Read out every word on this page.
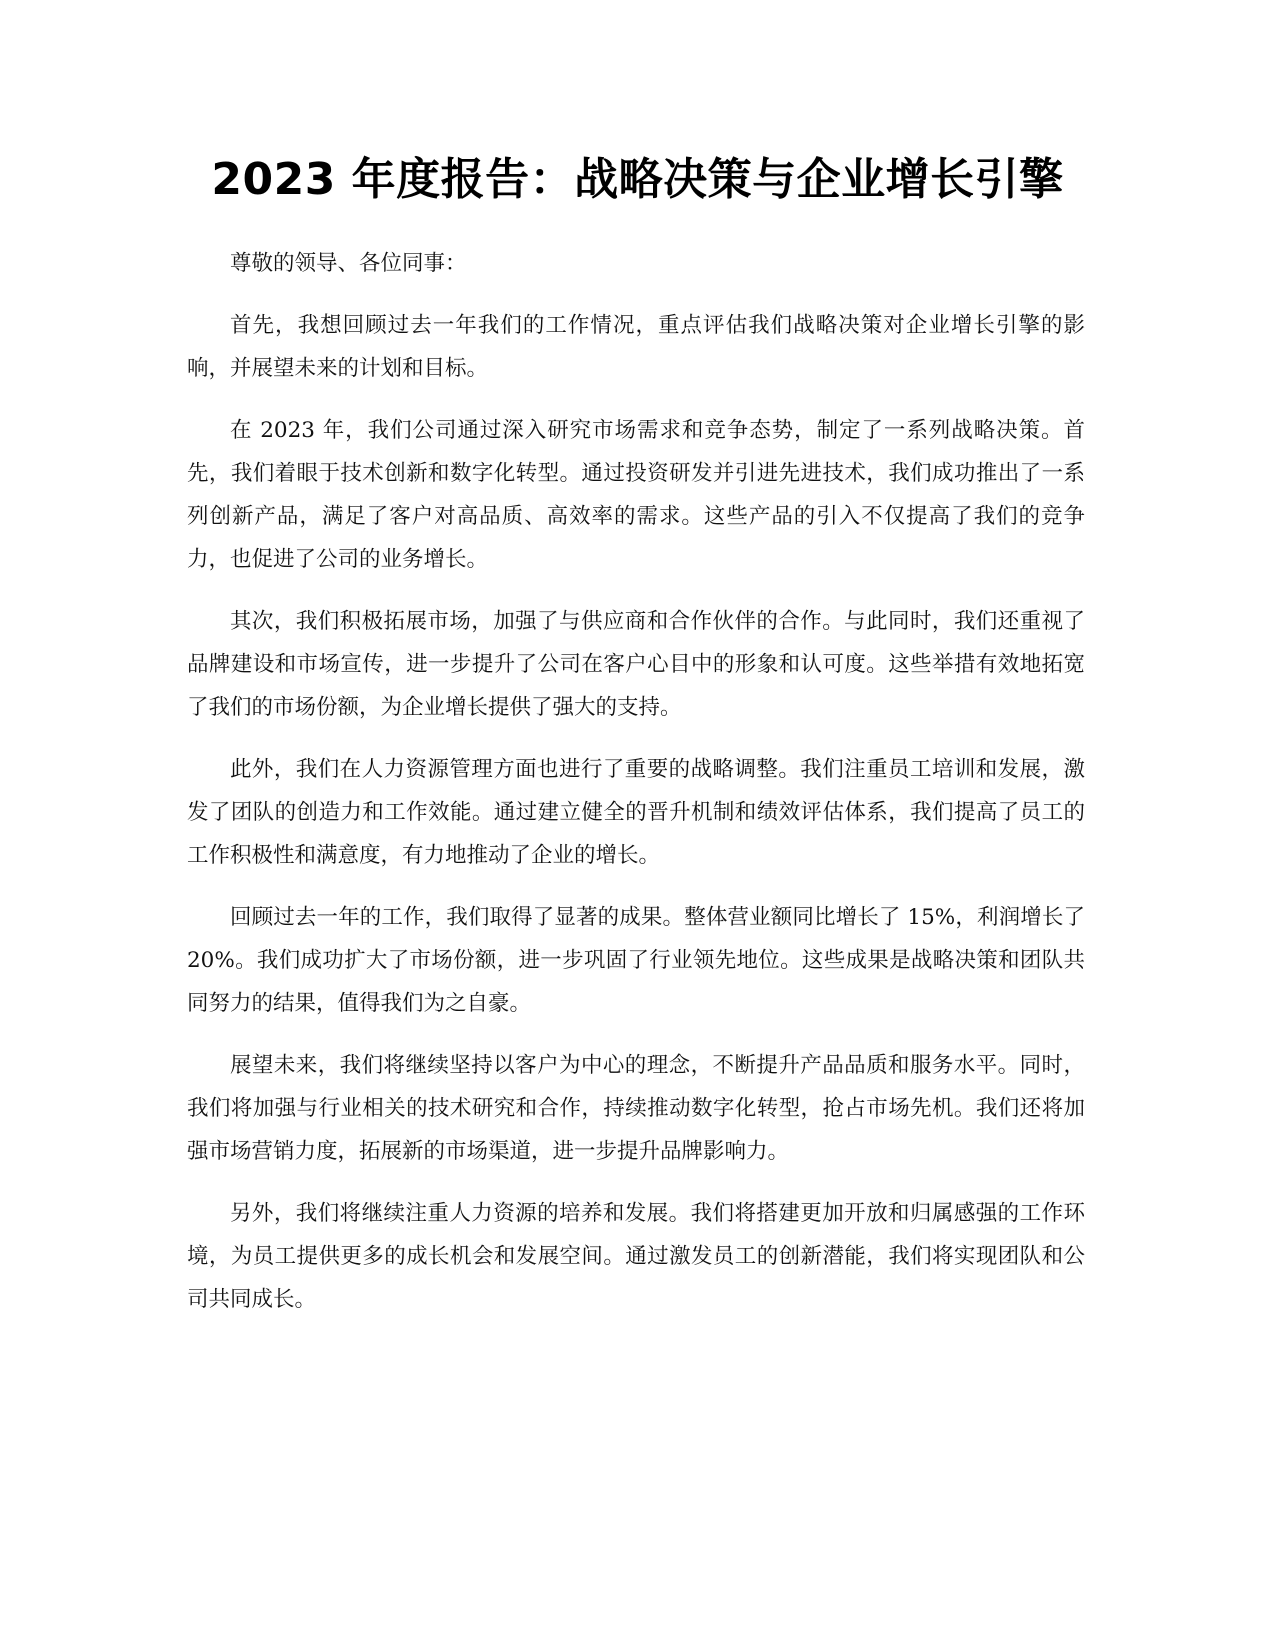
2023 年度报告：战略决策与企业增长引擎

尊敬的领导、各位同事：

首先，我想回顾过去一年我们的工作情况，重点评估我们战略决策对企业增长引擎的影响，并展望未来的计划和目标。

在 2023 年，我们公司通过深入研究市场需求和竞争态势，制定了一系列战略决策。首先，我们着眼于技术创新和数字化转型。通过投资研发并引进先进技术，我们成功推出了一系列创新产品，满足了客户对高品质、高效率的需求。这些产品的引入不仅提高了我们的竞争力，也促进了公司的业务增长。

其次，我们积极拓展市场，加强了与供应商和合作伙伴的合作。与此同时，我们还重视了品牌建设和市场宣传，进一步提升了公司在客户心目中的形象和认可度。这些举措有效地拓宽了我们的市场份额，为企业增长提供了强大的支持。

此外，我们在人力资源管理方面也进行了重要的战略调整。我们注重员工培训和发展，激发了团队的创造力和工作效能。通过建立健全的晋升机制和绩效评估体系，我们提高了员工的工作积极性和满意度，有力地推动了企业的增长。

回顾过去一年的工作，我们取得了显著的成果。整体营业额同比增长了 15%，利润增长了 20%。我们成功扩大了市场份额，进一步巩固了行业领先地位。这些成果是战略决策和团队共同努力的结果，值得我们为之自豪。

展望未来，我们将继续坚持以客户为中心的理念，不断提升产品品质和服务水平。同时，我们将加强与行业相关的技术研究和合作，持续推动数字化转型，抢占市场先机。我们还将加强市场营销力度，拓展新的市场渠道，进一步提升品牌影响力。

另外，我们将继续注重人力资源的培养和发展。我们将搭建更加开放和归属感强的工作环境，为员工提供更多的成长机会和发展空间。通过激发员工的创新潜能，我们将实现团队和公司共同成长。
